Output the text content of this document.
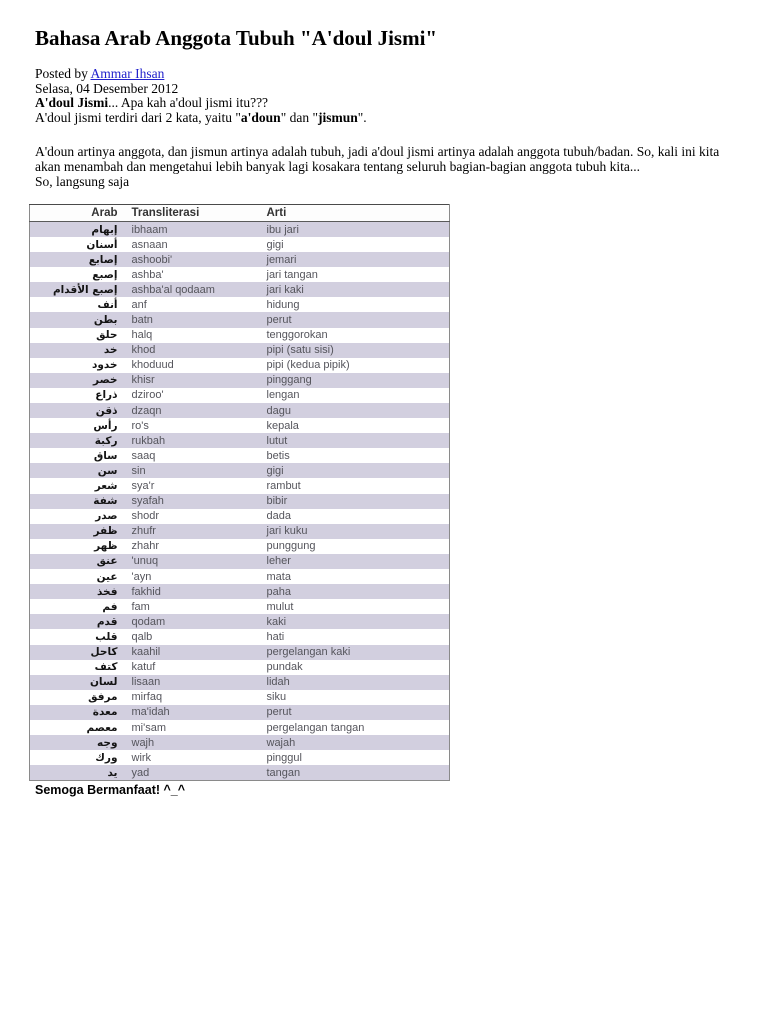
Bahasa Arab Anggota Tubuh "A'doul Jismi"
Posted by Ammar Ihsan
Selasa, 04 Desember 2012
A'doul Jismi... Apa kah a'doul jismi itu???
A'doul jismi terdiri dari 2 kata, yaitu "a'doun" dan "jismun".
A'doun artinya anggota, dan jismun artinya adalah tubuh, jadi a'doul jismi artinya adalah anggota tubuh/badan. So, kali ini kita akan menambah dan mengetahui lebih banyak lagi kosakara tentang seluruh bagian-bagian anggota tubuh kita...
So, langsung saja
Arab	Transliterasi	Arti
إبهام	ibhaam	ibu jari
أسنان	asnaan	gigi
إصابع	ashoobi'	jemari
إصبع	ashba'	jari tangan
إصبع الأقدام	ashba'al qodaam	jari kaki
أنف	anf	hidung
بطن	batn	perut
حلق	halq	tenggorokan
خد	khod	pipi (satu sisi)
خدود	khoduud	pipi (kedua pipik)
خصر	khisr	pinggang
ذراع	dziroo'	lengan
ذقن	dzaqn	dagu
رأس	ro's	kepala
ركبة	rukbah	lutut
ساق	saaq	betis
سن	sin	gigi
شعر	sya'r	rambut
شفة	syafah	bibir
صدر	shodr	dada
ظفر	zhufr	jari kuku
ظهر	zhahr	punggung
عنق	'unuq	leher
عين	'ayn	mata
فخذ	fakhid	paha
فم	fam	mulut
قدم	qodam	kaki
قلب	qalb	hati
كاحل	kaahil	pergelangan kaki
كتف	katuf	pundak
لسان	lisaan	lidah
مرفق	mirfaq	siku
معدة	ma'idah	perut
معصم	mi'sam	pergelangan tangan
وجه	wajh	wajah
ورك	wirk	pinggul
يد	yad	tangan
Semoga Bermanfaat! ^_^
